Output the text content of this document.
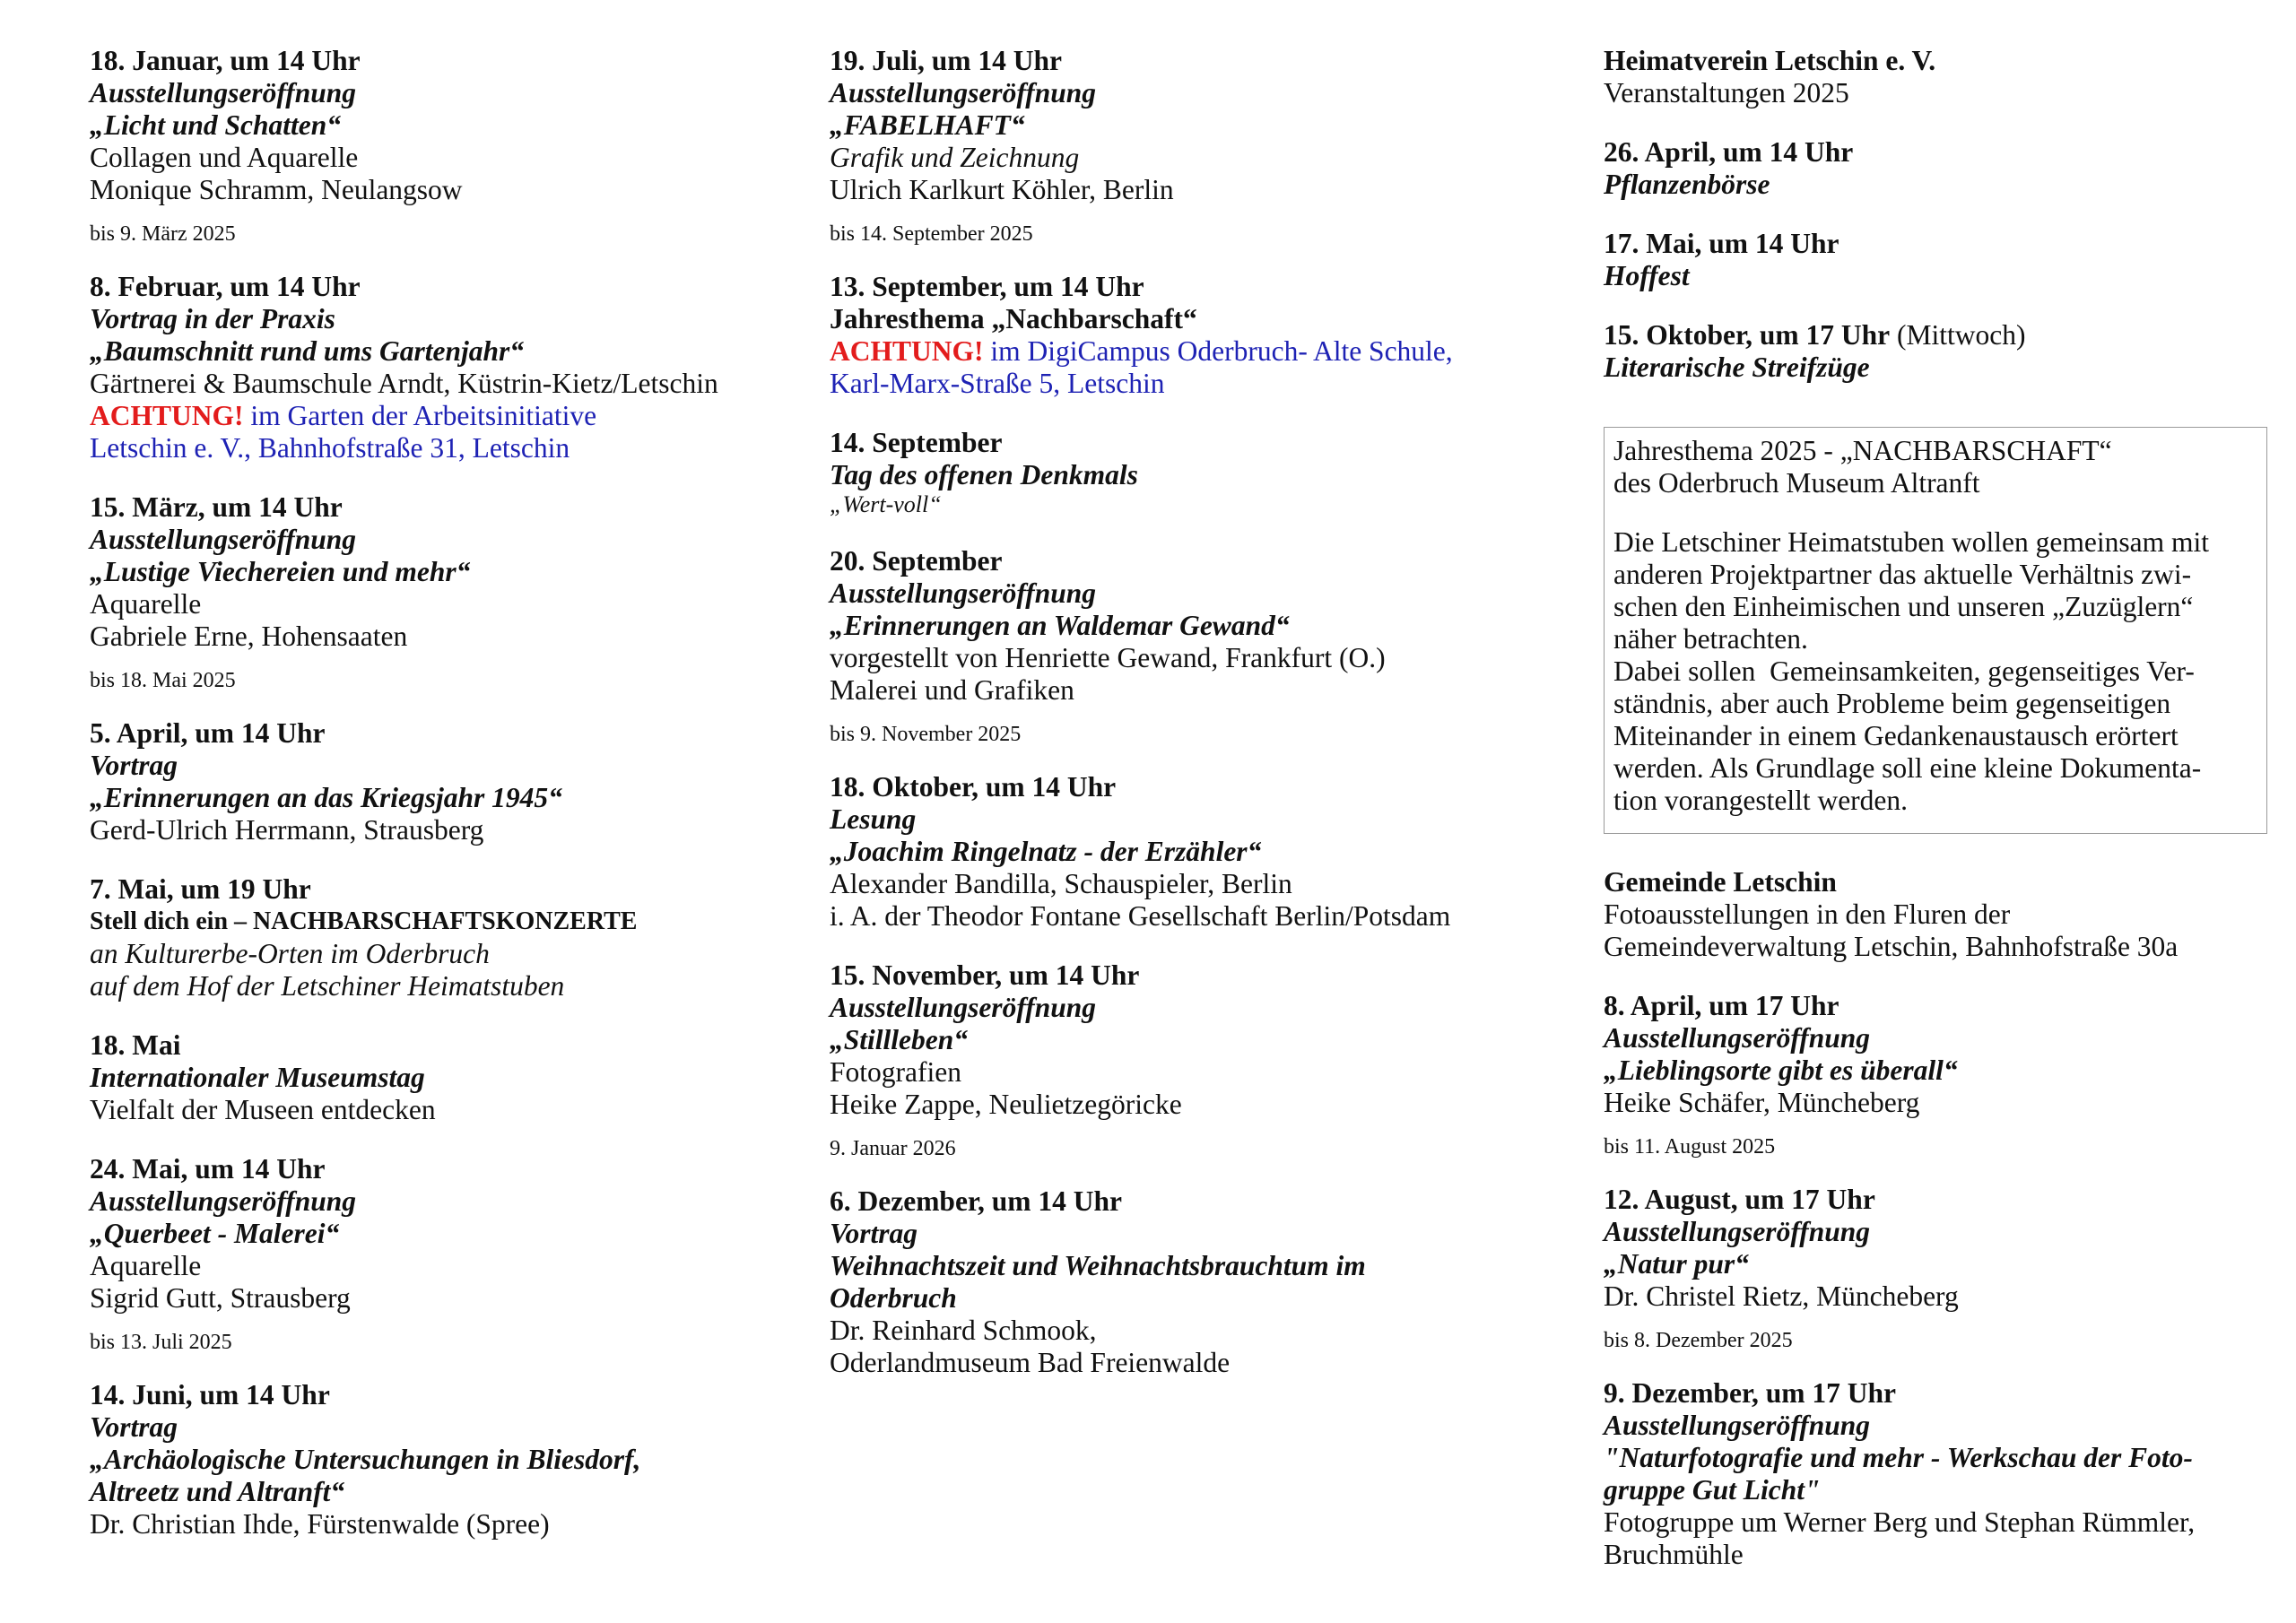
18. Januar, um 14 Uhr
Ausstellungseröffnung
„Licht und Schatten“
Collagen und Aquarelle
Monique Schramm, Neulangsow
bis 9. März 2025
8. Februar, um 14 Uhr
Vortrag in der Praxis
„Baumschnitt rund ums Gartenjahr“
Gärtnerei & Baumschule Arndt, Küstrin-Kietz/Letschin
ACHTUNG! im Garten der Arbeitsinitiative
Letschin e. V., Bahnhofstraße 31, Letschin
15. März, um 14 Uhr
Ausstellungseröffnung
„Lustige Viechereien und mehr“
Aquarelle
Gabriele Erne, Hohensaaten
bis 18. Mai 2025
5. April, um 14 Uhr
Vortrag
„Erinnerungen an das Kriegsjahr 1945“
Gerd-Ulrich Herrmann, Strausberg
7. Mai, um 19 Uhr
Stell dich ein – NACHBARSCHAFTSKONZERTE
an Kulturerbe-Orten im Oderbruch
auf dem Hof der Letschiner Heimatstuben
18. Mai
Internationaler Museumstag
Vielfalt der Museen entdecken
24. Mai, um 14 Uhr
Ausstellungseröffnung
„Querbeet - Malerei“
Aquarelle
Sigrid Gutt, Strausberg
bis 13. Juli 2025
14. Juni, um 14 Uhr
Vortrag
„Archäologische Untersuchungen in Bliesdorf,
Altreetz und Altranft“
Dr. Christian Ihde, Fürstenwalde (Spree)
19. Juli, um 14 Uhr
Ausstellungseröffnung
„FABELHAFT“
Grafik und Zeichnung
Ulrich Karlkurt Köhler, Berlin
bis 14. September 2025
13. September, um 14 Uhr
Jahresthema „Nachbarschaft“
ACHTUNG! im DigiCampus Oderbruch- Alte Schule,
Karl-Marx-Straße 5, Letschin
14. September
Tag des offenen Denkmals
„Wert-voll“
20. September
Ausstellungseröffnung
„Erinnerungen an Waldemar Gewand“
vorgestellt von Henriette Gewand, Frankfurt (O.)
Malerei und Grafiken
bis 9. November 2025
18. Oktober, um 14 Uhr
Lesung
„Joachim Ringelnatz - der Erzähler“
Alexander Bandilla, Schauspieler, Berlin
i. A. der Theodor Fontane Gesellschaft Berlin/Potsdam
15. November, um 14 Uhr
Ausstellungseröffnung
„Stillleben“
Fotografien
Heike Zappe, Neulietzegöricke
9. Januar 2026
6. Dezember, um 14 Uhr
Vortrag
Weihnachtszeit und Weihnachtsbrauchtum im
Oderbruch
Dr. Reinhard Schmook,
Oderlandmuseum Bad Freienwalde
Heimatverein Letschin e. V.
Veranstaltungen 2025
26. April, um 14 Uhr
Pflanzenbörse
17. Mai, um 14 Uhr
Hoffest
15. Oktober, um 17 Uhr (Mittwoch)
Literarische Streifzüge
Jahresthema 2025 - „NACHBARSCHAFT“
des Oderbruch Museum Altranft
Die Letschiner Heimatstuben wollen gemeinsam mit
anderen Projektpartner das aktuelle Verhältnis zwi-
schen den Einheimischen und unseren „Zuzüglern“
näher betrachten.
Dabei sollen  Gemeinsamkeiten, gegenseitiges Ver-
ständnis, aber auch Probleme beim gegenseitigen
Miteinander in einem Gedankenaustausch erörtert
werden. Als Grundlage soll eine kleine Dokumenta-
tion vorangestellt werden.
Gemeinde Letschin
Fotoausstellungen in den Fluren der
Gemeindeverwaltung Letschin, Bahnhofstraße 30a
8. April, um 17 Uhr
Ausstellungseröffnung
„Lieblingsorte gibt es überall“
Heike Schäfer, Müncheberg
bis 11. August 2025
12. August, um 17 Uhr
Ausstellungseröffnung
„Natur pur“
Dr. Christel Rietz, Müncheberg
bis 8. Dezember 2025
9. Dezember, um 17 Uhr
Ausstellungseröffnung
"Naturfotografie und mehr - Werkschau der Foto-
gruppe Gut Licht"
Fotogruppe um Werner Berg und Stephan Rümmler,
Bruchmühle
